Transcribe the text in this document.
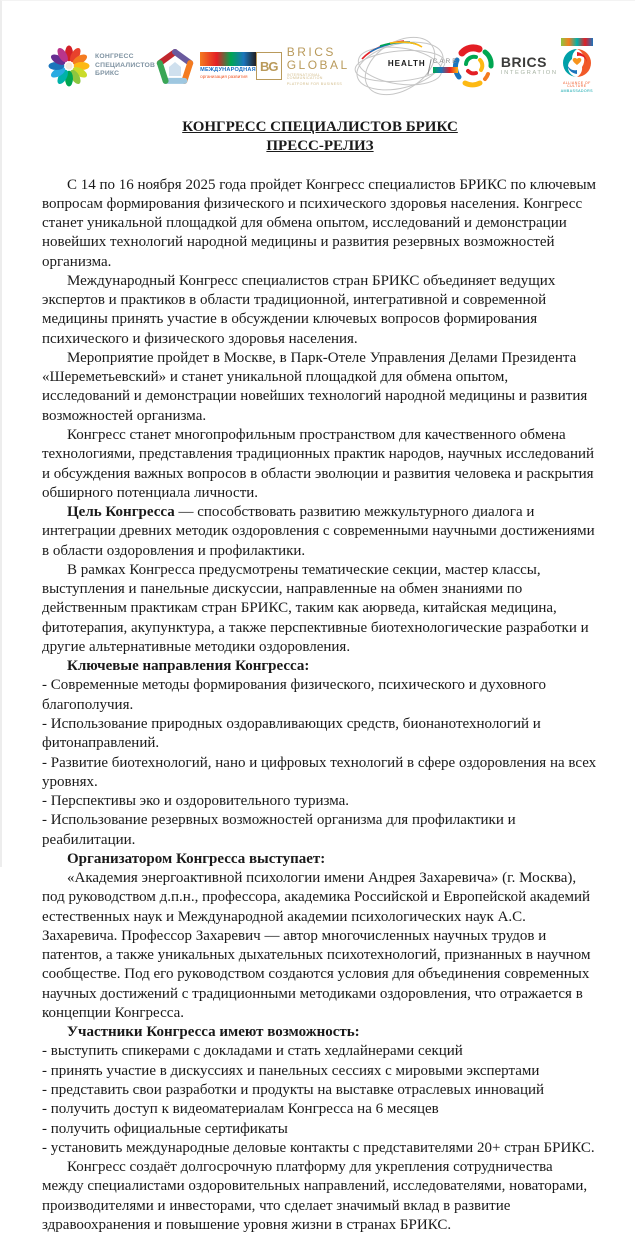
КОНГРЕСС
СПЕЦИАЛИСТОВ
БРИКС	МЕЖДУНАРОДНАЯ
организация развития
BG
BRICS
GLOBAL
INTERNATIONAL COMMUNICATION
PLATFORM FOR BUSINESS
HEALTH CARE	BRICS
INTEGRATION
ALLIANCE OF CULTURE
AMBASSADORS
КОНГРЕСС СПЕЦИАЛИСТОВ БРИКС
ПРЕСС-РЕЛИЗ

С 14 по 16 ноября 2025 года пройдет Конгресс специалистов БРИКС по ключевым вопросам формирования физического и психического здоровья населения. Конгресс станет уникальной площадкой для обмена опытом, исследований и демонстрации новейших технологий народной медицины и развития резервных возможностей организма.

Международный Конгресс специалистов стран БРИКС объединяет ведущих экспертов и практиков в области традиционной, интегративной и современной медицины принять участие в обсуждении ключевых вопросов формирования психического и физического здоровья населения.

Мероприятие пройдет в Москве, в Парк-Отеле Управления Делами Президента «Шереметьевский» и станет уникальной площадкой для обмена опытом, исследований и демонстрации новейших технологий народной медицины и развития возможностей организма.

Конгресс станет многопрофильным пространством для качественного обмена технологиями, представления традиционных практик народов, научных исследований и обсуждения важных вопросов в области эволюции и развития человека и раскрытия обширного потенциала личности.

Цель Конгресса — способствовать развитию межкультурного диалога и интеграции древних методик оздоровления с современными научными достижениями в области оздоровления и профилактики.

В рамках Конгресса предусмотрены тематические секции, мастер классы, выступления и панельные дискуссии, направленные на обмен знаниями по действенным практикам стран БРИКС, таким как аюрведа, китайская медицина, фитотерапия, акупунктура, а также перспективные биотехнологические разработки и другие альтернативные методики оздоровления.

Ключевые направления Конгресса:

- Современные методы формирования физического, психического и духовного благополучия.
- Использование природных оздоравливающих средств, бионанотехнологий и фитонаправлений.
- Развитие биотехнологий, нано и цифровых технологий в сфере оздоровления на всех уровнях.
- Перспективы эко и оздоровительного туризма.
- Использование резервных возможностей организма для профилактики и реабилитации.

Организатором Конгресса выступает:

«Академия энергоактивной психологии имени Андрея Захаревича» (г. Москва), под руководством д.п.н., профессора, академика Российской и Европейской академий естественных наук и Международной академии психологических наук А.С. Захаревича. Профессор Захаревич — автор многочисленных научных трудов и патентов, а также уникальных дыхательных психотехнологий, признанных в научном сообществе. Под его руководством создаются условия для объединения современных научных достижений с традиционными методиками оздоровления, что отражается в концепции Конгресса.

Участники Конгресса имеют возможность:

- выступить спикерами с докладами и стать хедлайнерами секций
- принять участие в дискуссиях и панельных сессиях с мировыми экспертами
- представить свои разработки и продукты на выставке отраслевых инноваций
- получить доступ к видеоматериалам Конгресса на 6 месяцев
- получить официальные сертификаты
- установить международные деловые контакты с представителями 20+ стран БРИКС.

Конгресс создаёт долгосрочную платформу для укрепления сотрудничества между специалистами оздоровительных направлений, исследователями, новаторами, производителями и инвесторами, что сделает значимый вклад в развитие здравоохранения и повышение уровня жизни в странах БРИКС.
